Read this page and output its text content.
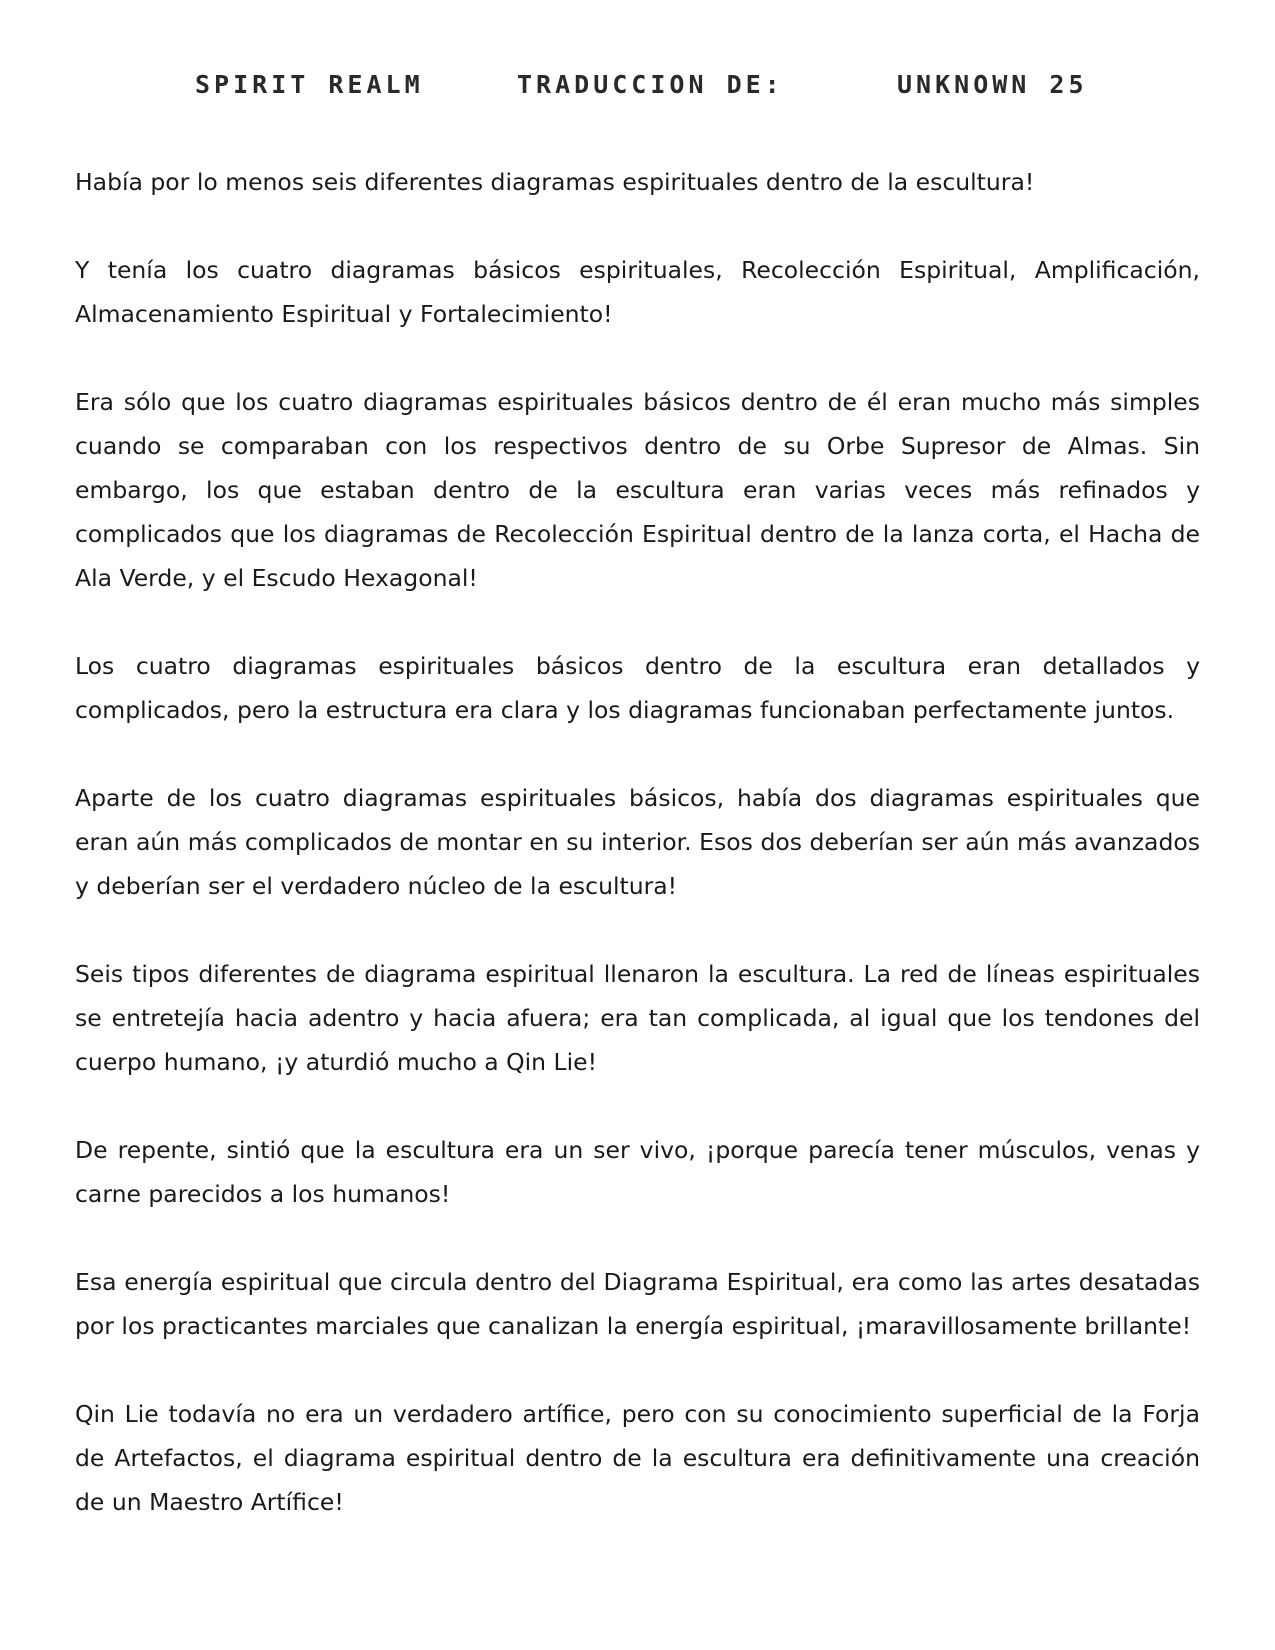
SPIRIT REALM	TRADUCCION DE:	UNKNOWN 25

Había por lo menos seis diferentes diagramas espirituales dentro de la escultura!

Y tenía los cuatro diagramas básicos espirituales, Recolección Espiritual, Amplificación, Almacenamiento Espiritual y Fortalecimiento!

Era sólo que los cuatro diagramas espirituales básicos dentro de él eran mucho más simples cuando se comparaban con los respectivos dentro de su Orbe Supresor de Almas. Sin embargo, los que estaban dentro de la escultura eran varias veces más refinados y complicados que los diagramas de Recolección Espiritual dentro de la lanza corta, el Hacha de Ala Verde, y el Escudo Hexagonal!

Los cuatro diagramas espirituales básicos dentro de la escultura eran detallados y complicados, pero la estructura era clara y los diagramas funcionaban perfectamente juntos.

Aparte de los cuatro diagramas espirituales básicos, había dos diagramas espirituales que eran aún más complicados de montar en su interior. Esos dos deberían ser aún más avanzados y deberían ser el verdadero núcleo de la escultura!

Seis tipos diferentes de diagrama espiritual llenaron la escultura. La red de líneas espirituales se entretejía hacia adentro y hacia afuera; era tan complicada, al igual que los tendones del cuerpo humano, ¡y aturdió mucho a Qin Lie!

De repente, sintió que la escultura era un ser vivo, ¡porque parecía tener músculos, venas y carne parecidos a los humanos!

Esa energía espiritual que circula dentro del Diagrama Espiritual, era como las artes desatadas por los practicantes marciales que canalizan la energía espiritual, ¡maravillosamente brillante!

Qin Lie todavía no era un verdadero artífice, pero con su conocimiento superficial de la Forja de Artefactos, el diagrama espiritual dentro de la escultura era definitivamente una creación de un Maestro Artífice!
